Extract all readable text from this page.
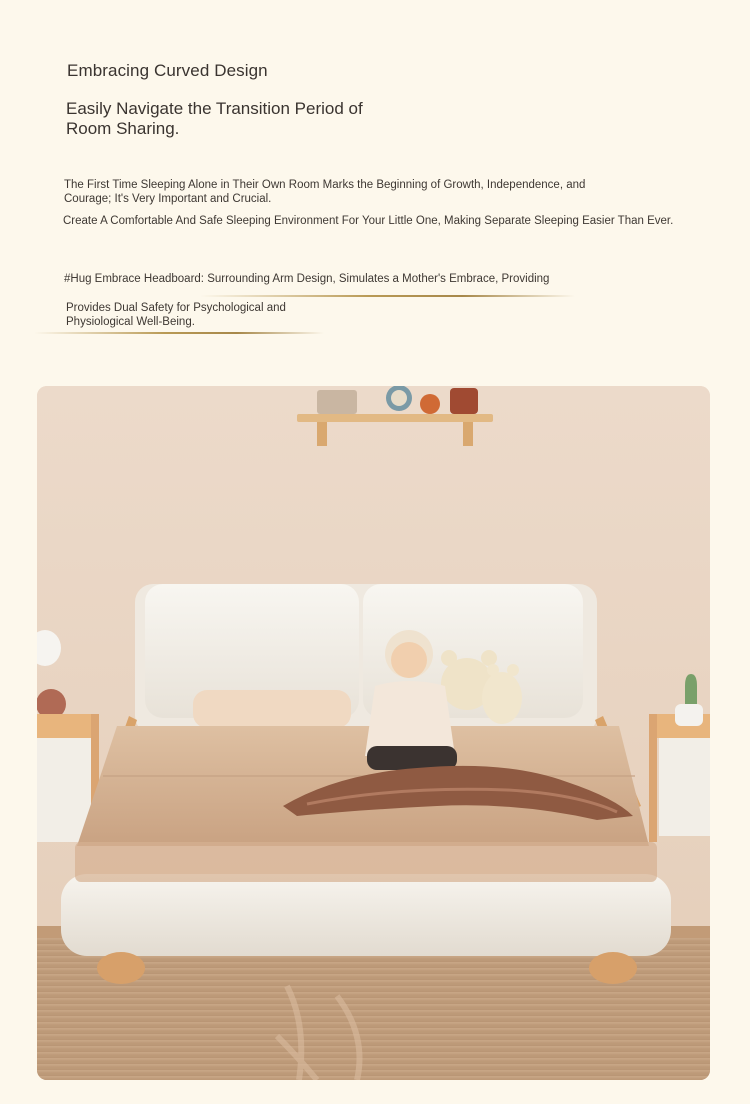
Embracing Curved Design
Easily Navigate the Transition Period of
Room Sharing.
The First Time Sleeping Alone in Their Own Room Marks the Beginning of Growth, Independence, and
Courage; It's Very Important and Crucial.
Create A Comfortable And Safe Sleeping Environment For Your Little One, Making Separate Sleeping Easier Than Ever.
#Hug Embrace Headboard: Surrounding Arm Design, Simulates a Mother's Embrace, Providing
Provides Dual Safety for Psychological and
Physiological Well-Being.
